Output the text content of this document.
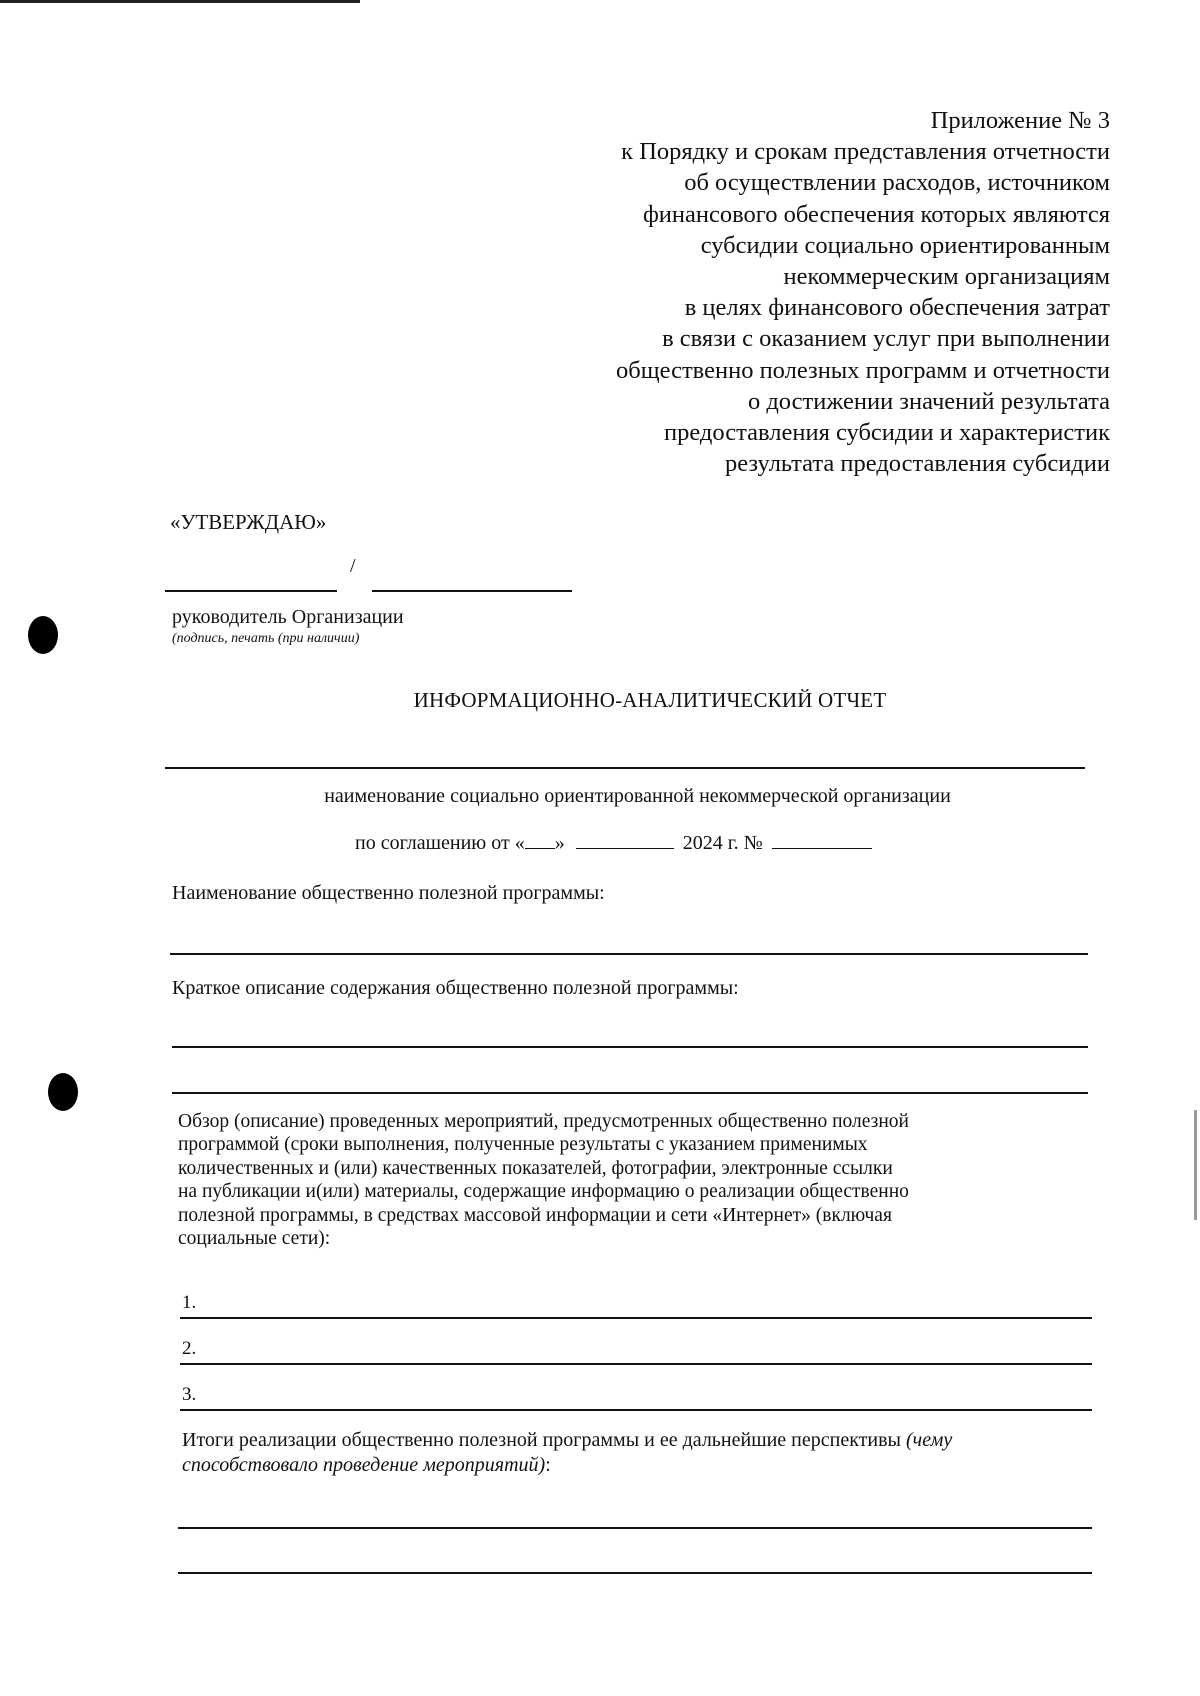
Приложение № 3
к Порядку и срокам представления отчетности
об осуществлении расходов, источником
финансового обеспечения которых являются
субсидии социально ориентированным
некоммерческим организациям
в целях финансового обеспечения затрат
в связи с оказанием услуг при выполнении
общественно полезных программ и отчетности
о достижении значений результата
предоставления субсидии и характеристик
результата предоставления субсидии
«УТВЕРЖДАЮ»
/
руководитель Организации
(подпись, печать (при наличии)
ИНФОРМАЦИОННО-АНАЛИТИЧЕСКИЙ ОТЧЕТ
наименование социально ориентированной некоммерческой организации
по соглашению от « »	2024 г. №
Наименование общественно полезной программы:
Краткое описание содержания общественно полезной программы:
Обзор (описание) проведенных мероприятий, предусмотренных общественно полезной
программой (сроки выполнения, полученные результаты с указанием применимых
количественных и (или) качественных показателей, фотографии, электронные ссылки
на публикации и(или) материалы, содержащие информацию о реализации общественно
полезной программы, в средствах массовой информации и сети «Интернет» (включая
социальные сети):
1.
2.
3.
Итоги реализации общественно полезной программы и ее дальнейшие перспективы (чему
способствовало проведение мероприятий):
